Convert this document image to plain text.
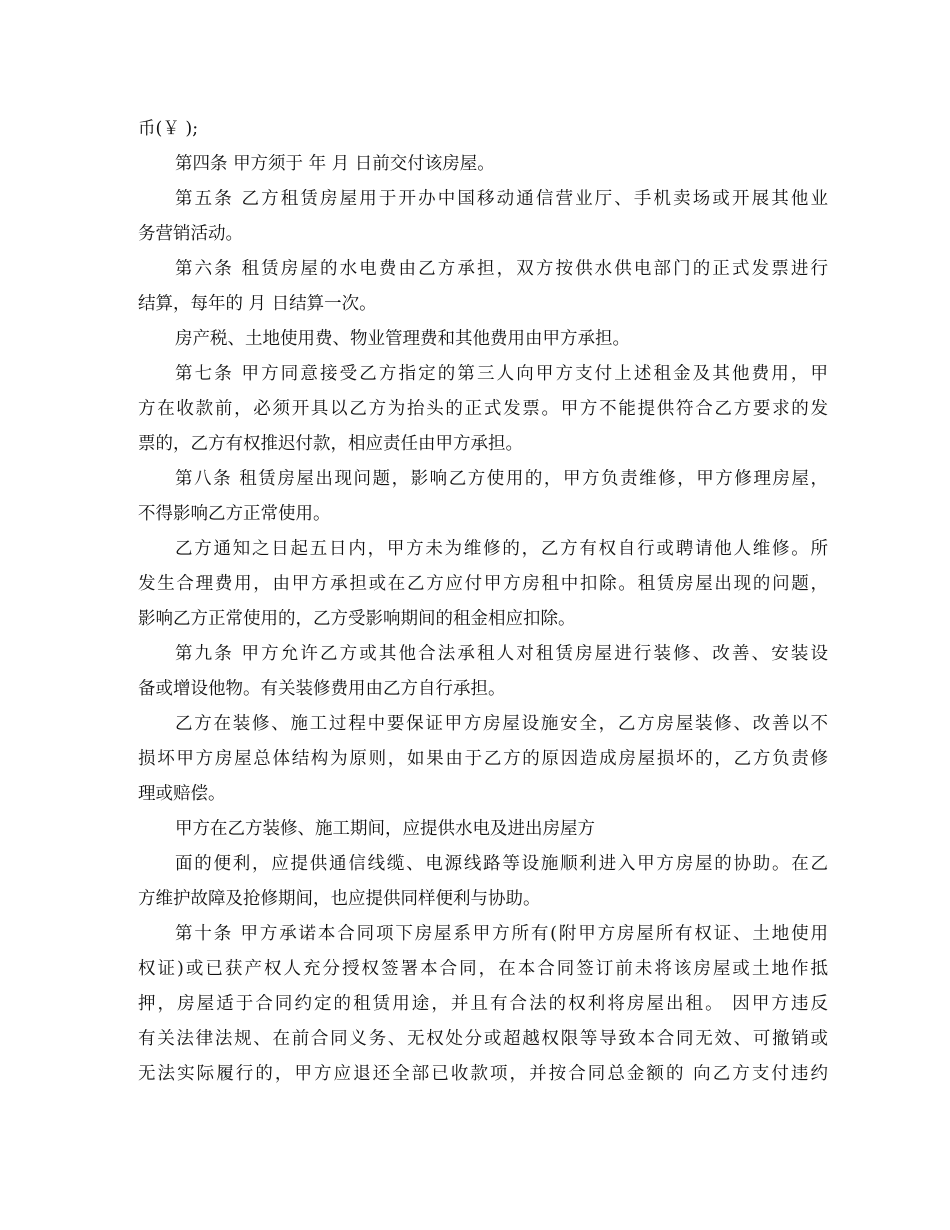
币(￥ );

第四条 甲方须于 年 月 日前交付该房屋。

第五条 乙方租赁房屋用于开办中国移动通信营业厅、手机卖场或开展其他业

务营销活动。

第六条 租赁房屋的水电费由乙方承担，双方按供水供电部门的正式发票进行

结算，每年的 月 日结算一次。

房产税、土地使用费、物业管理费和其他费用由甲方承担。

第七条 甲方同意接受乙方指定的第三人向甲方支付上述租金及其他费用，甲

方在收款前，必须开具以乙方为抬头的正式发票。甲方不能提供符合乙方要求的发

票的，乙方有权推迟付款，相应责任由甲方承担。

第八条 租赁房屋出现问题，影响乙方使用的，甲方负责维修，甲方修理房屋，

不得影响乙方正常使用。

乙方通知之日起五日内，甲方未为维修的，乙方有权自行或聘请他人维修。所

发生合理费用，由甲方承担或在乙方应付甲方房租中扣除。租赁房屋出现的问题，

影响乙方正常使用的，乙方受影响期间的租金相应扣除。

第九条 甲方允许乙方或其他合法承租人对租赁房屋进行装修、改善、安装设

备或增设他物。有关装修费用由乙方自行承担。

乙方在装修、施工过程中要保证甲方房屋设施安全，乙方房屋装修、改善以不

损坏甲方房屋总体结构为原则，如果由于乙方的原因造成房屋损坏的，乙方负责修

理或赔偿。

甲方在乙方装修、施工期间，应提供水电及进出房屋方

面的便利，应提供通信线缆、电源线路等设施顺利进入甲方房屋的协助。在乙

方维护故障及抢修期间，也应提供同样便利与协助。

第十条 甲方承诺本合同项下房屋系甲方所有(附甲方房屋所有权证、土地使用

权证)或已获产权人充分授权签署本合同，在本合同签订前未将该房屋或土地作抵

押，房屋适于合同约定的租赁用途，并且有合法的权利将房屋出租。 因甲方违反

有关法律法规、在前合同义务、无权处分或超越权限等导致本合同无效、可撤销或

无法实际履行的，甲方应退还全部已收款项，并按合同总金额的 向乙方支付违约
